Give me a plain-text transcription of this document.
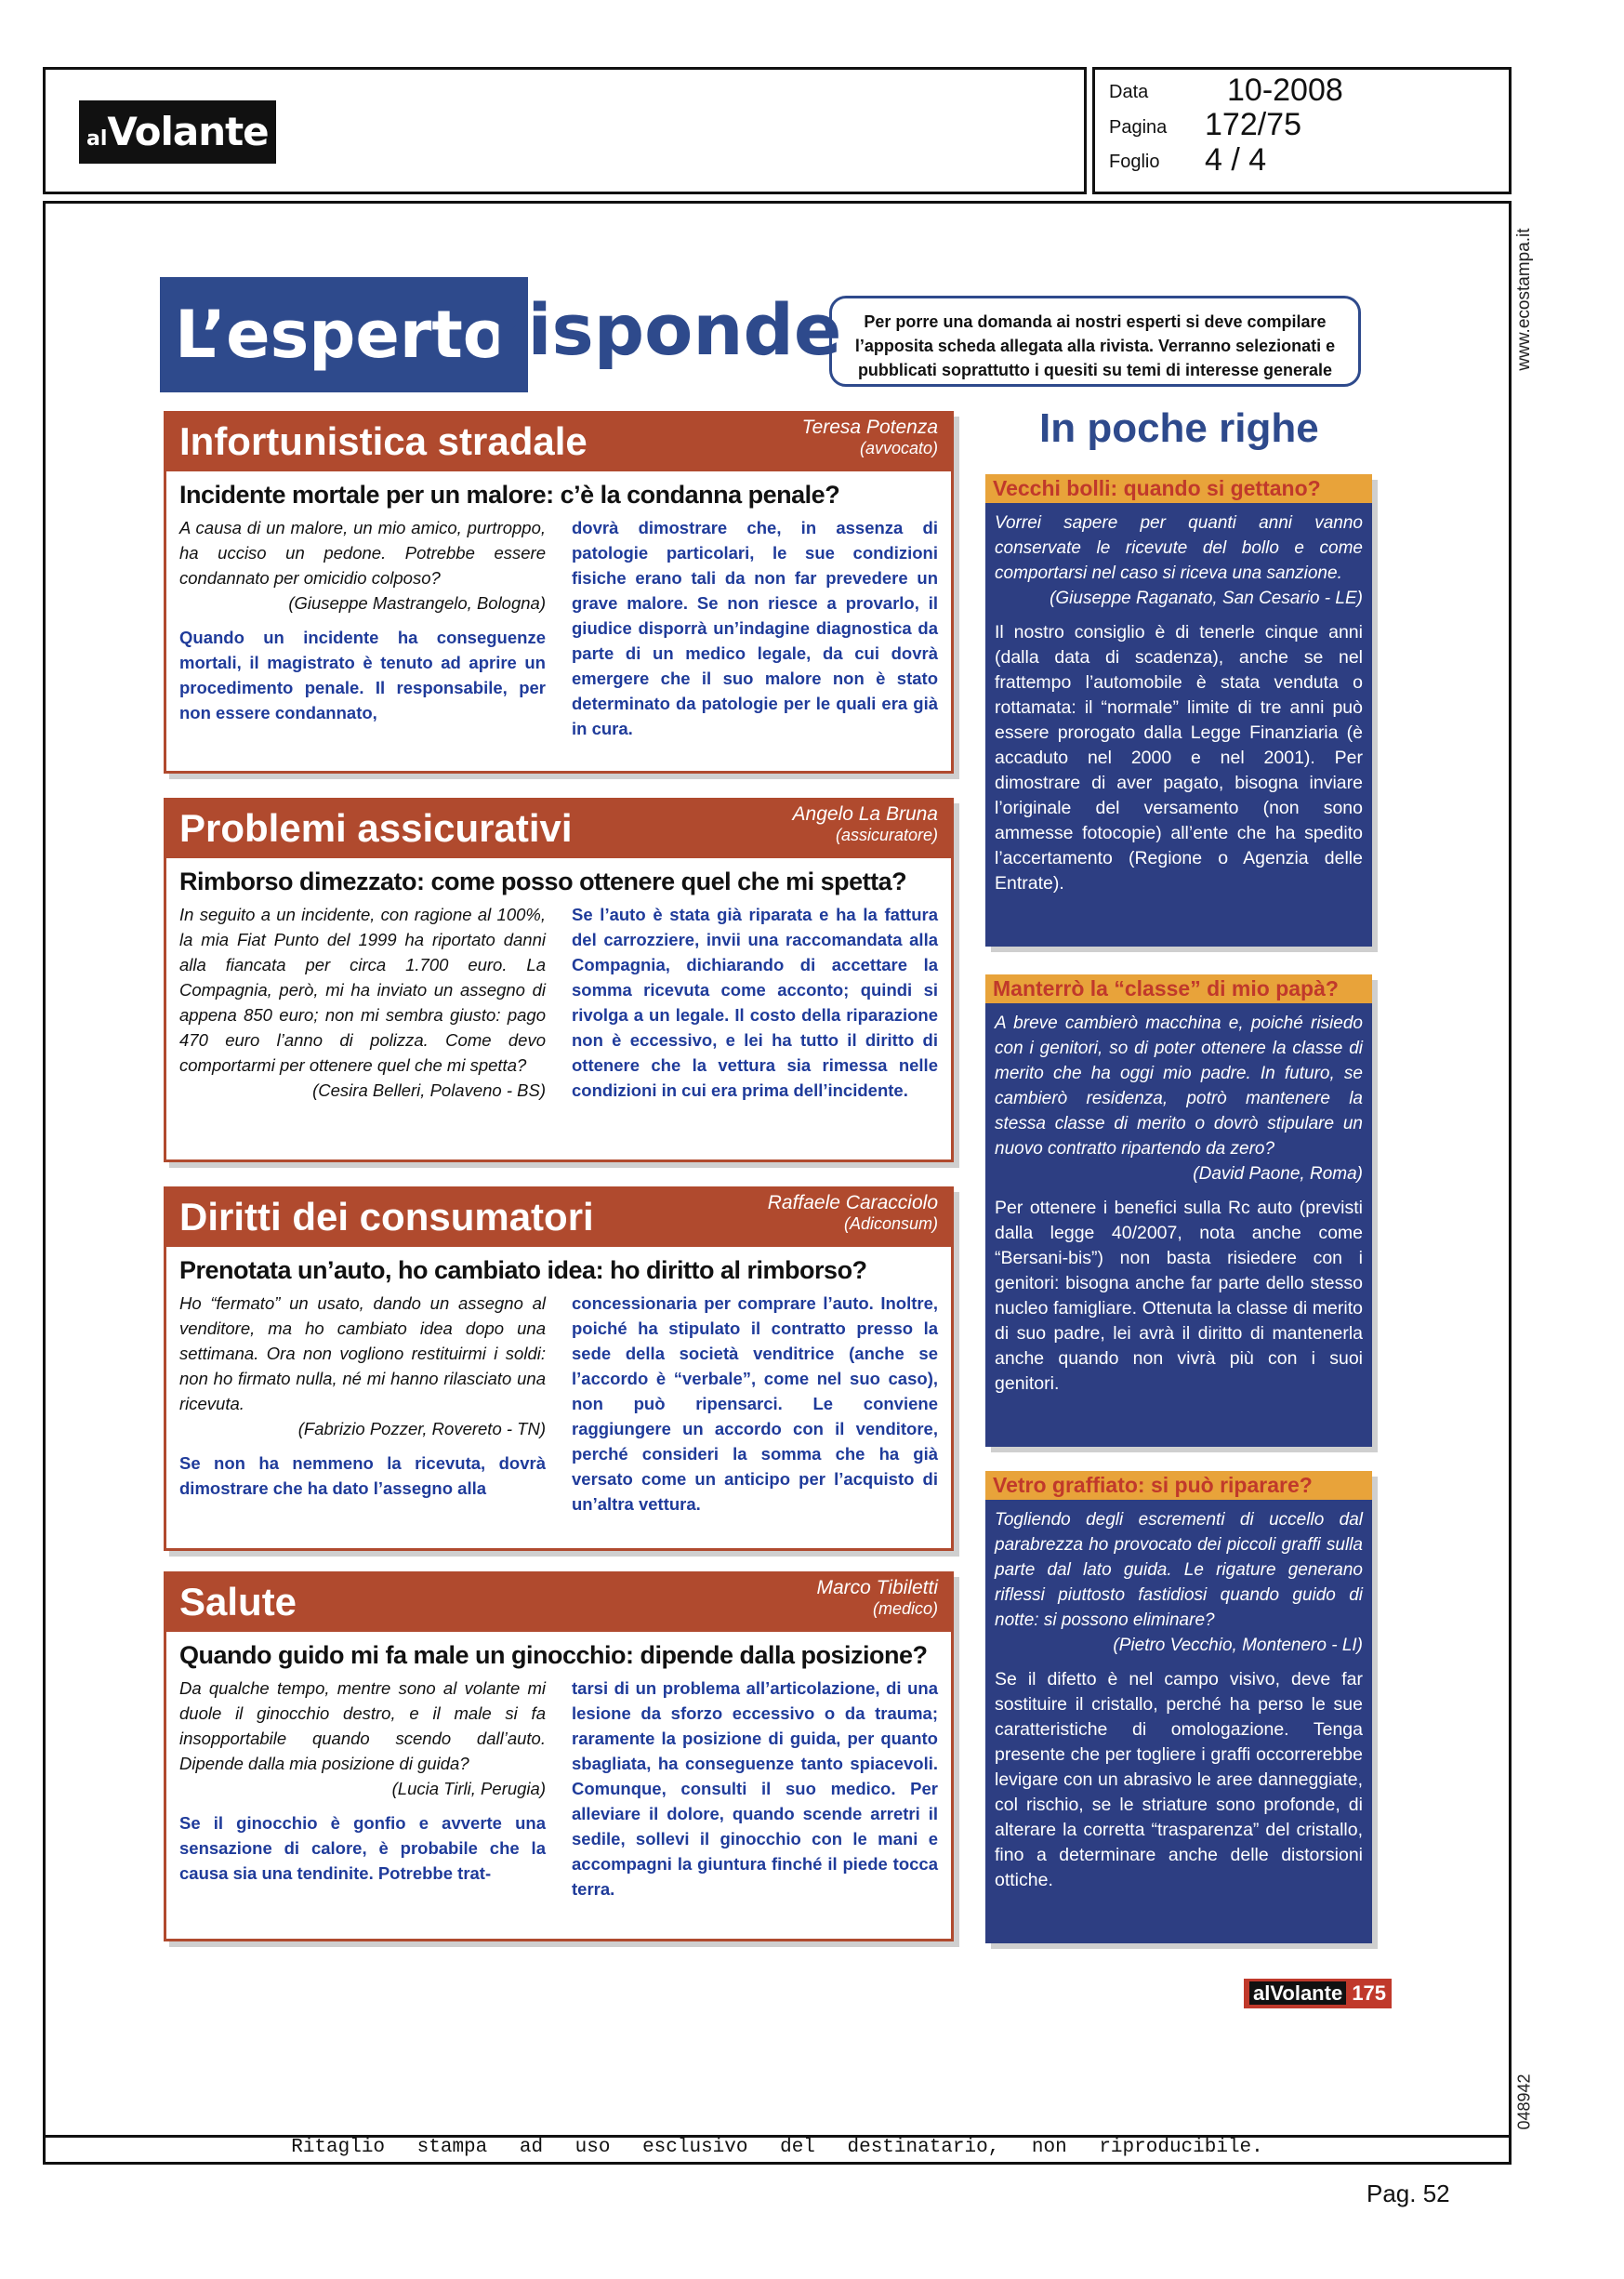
alVolante
Data 10-2008
Pagina 172/75
Foglio 4 / 4
Ritaglio stampa ad uso esclusivo del destinatario, non riproducibile.
www.ecostampa.it
048942
Pag. 52
L’esperto
risponde	Per porre una domanda ai nostri esperti si deve compilare l’apposita scheda allegata alla rivista. Verranno selezionati e pubblicati soprattutto i quesiti su temi di interesse generale
Infortunistica stradale	Teresa Potenza
(avvocato)
Incidente mortale per un malore: c’è la condanna penale?
A causa di un malore, un mio amico, purtroppo, ha ucciso un pedone. Potrebbe essere condannato per omicidio colposo?
(Giuseppe Mastrangelo, Bologna)
Quando un incidente ha conseguenze mortali, il magistrato è tenuto ad aprire un procedimento penale. Il responsabile, per non essere condannato,
dovrà dimostrare che, in assenza di patologie particolari, le sue condizioni fisiche erano tali da non far prevedere un grave malore. Se non riesce a provarlo, il giudice disporrà un’indagine diagnostica da parte di un medico legale, da cui dovrà emergere che il suo malore non è stato determinato da patologie per le quali era già in cura.
Problemi assicurativi	Angelo La Bruna
(assicuratore)
Rimborso dimezzato: come posso ottenere quel che mi spetta?
In seguito a un incidente, con ragione al 100%, la mia Fiat Punto del 1999 ha riportato danni alla fiancata per circa 1.700 euro. La Compagnia, però, mi ha inviato un assegno di appena 850 euro; non mi sembra giusto: pago 470 euro l’anno di polizza. Come devo comportarmi per ottenere quel che mi spetta?
(Cesira Belleri, Polaveno - BS)
Se l’auto è stata già riparata e ha la fattura del carrozziere, invii una raccomandata alla Compagnia, dichiarando di accettare la somma ricevuta come acconto; quindi si rivolga a un legale. Il costo della riparazione non è eccessivo, e lei ha tutto il diritto di ottenere che la vettura sia rimessa nelle condizioni in cui era prima dell’incidente.
Diritti dei consumatori	Raffaele Caracciolo
(Adiconsum)
Prenotata un’auto, ho cambiato idea: ho diritto al rimborso?
Ho “fermato” un usato, dando un assegno al venditore, ma ho cambiato idea dopo una settimana. Ora non vogliono restituirmi i soldi: non ho firmato nulla, né mi hanno rilasciato una ricevuta.
(Fabrizio Pozzer, Rovereto - TN)
Se non ha nemmeno la ricevuta, dovrà dimostrare che ha dato l’assegno alla
concessionaria per comprare l’auto. Inoltre, poiché ha stipulato il contratto presso la sede della società venditrice (anche se l’accordo è “verbale”, come nel suo caso), non può ripensarci. Le conviene raggiungere un accordo con il venditore, perché consideri la somma che ha già versato come un anticipo per l’acquisto di un’altra vettura.
Salute	Marco Tibiletti
(medico)
Quando guido mi fa male un ginocchio: dipende dalla posizione?
Da qualche tempo, mentre sono al volante mi duole il ginocchio destro, e il male si fa insopportabile quando scendo dall’auto. Dipende dalla mia posizione di guida?
(Lucia Tirli, Perugia)
Se il ginocchio è gonfio e avverte una sensazione di calore, è probabile che la causa sia una tendinite. Potrebbe trat-
tarsi di un problema all’articolazione, di una lesione da sforzo eccessivo o da trauma; raramente la posizione di guida, per quanto sbagliata, ha conseguenze tanto spiacevoli. Comunque, consulti il suo medico. Per alleviare il dolore, quando scende arretri il sedile, sollevi il ginocchio con le mani e accompagni la giuntura finché il piede tocca terra.
In poche righe
Vecchi bolli: quando si gettano?
Vorrei sapere per quanti anni vanno conservate le ricevute del bollo e come comportarsi nel caso si riceva una sanzione.
(Giuseppe Raganato, San Cesario - LE)
Il nostro consiglio è di tenerle cinque anni (dalla data di scadenza), anche se nel frattempo l’automobile è stata venduta o rottamata: il “normale” limite di tre anni può essere prorogato dalla Legge Finanziaria (è accaduto nel 2000 e nel 2001). Per dimostrare di aver pagato, bisogna inviare l’originale del versamento (non sono ammesse fotocopie) all’ente che ha spedito l’accertamento (Regione o Agenzia delle Entrate).
Manterrò la “classe” di mio papà?
A breve cambierò macchina e, poiché risiedo con i genitori, so di poter ottenere la classe di merito che ha oggi mio padre. In futuro, se cambierò residenza, potrò mantenere la stessa classe di merito o dovrò stipulare un nuovo contratto ripartendo da zero?
(David Paone, Roma)
Per ottenere i benefici sulla Rc auto (previsti dalla legge 40/2007, nota anche come “Bersani-bis”) non basta risiedere con i genitori: bisogna anche far parte dello stesso nucleo famigliare. Ottenuta la classe di merito di suo padre, lei avrà il diritto di mantenerla anche quando non vivrà più con i suoi genitori.
Vetro graffiato: si può riparare?
Togliendo degli escrementi di uccello dal parabrezza ho provocato dei piccoli graffi sulla parte dal lato guida. Le rigature generano riflessi piuttosto fastidiosi quando guido di notte: si possono eliminare?
(Pietro Vecchio, Montenero - LI)
Se il difetto è nel campo visivo, deve far sostituire il cristallo, perché ha perso le sue caratteristiche di omologazione. Tenga presente che per togliere i graffi occorrerebbe levigare con un abrasivo le aree danneggiate, col rischio, se le striature sono profonde, di alterare la corretta “trasparenza” del cristallo, fino a determinare anche delle distorsioni ottiche.
alVolante 175
